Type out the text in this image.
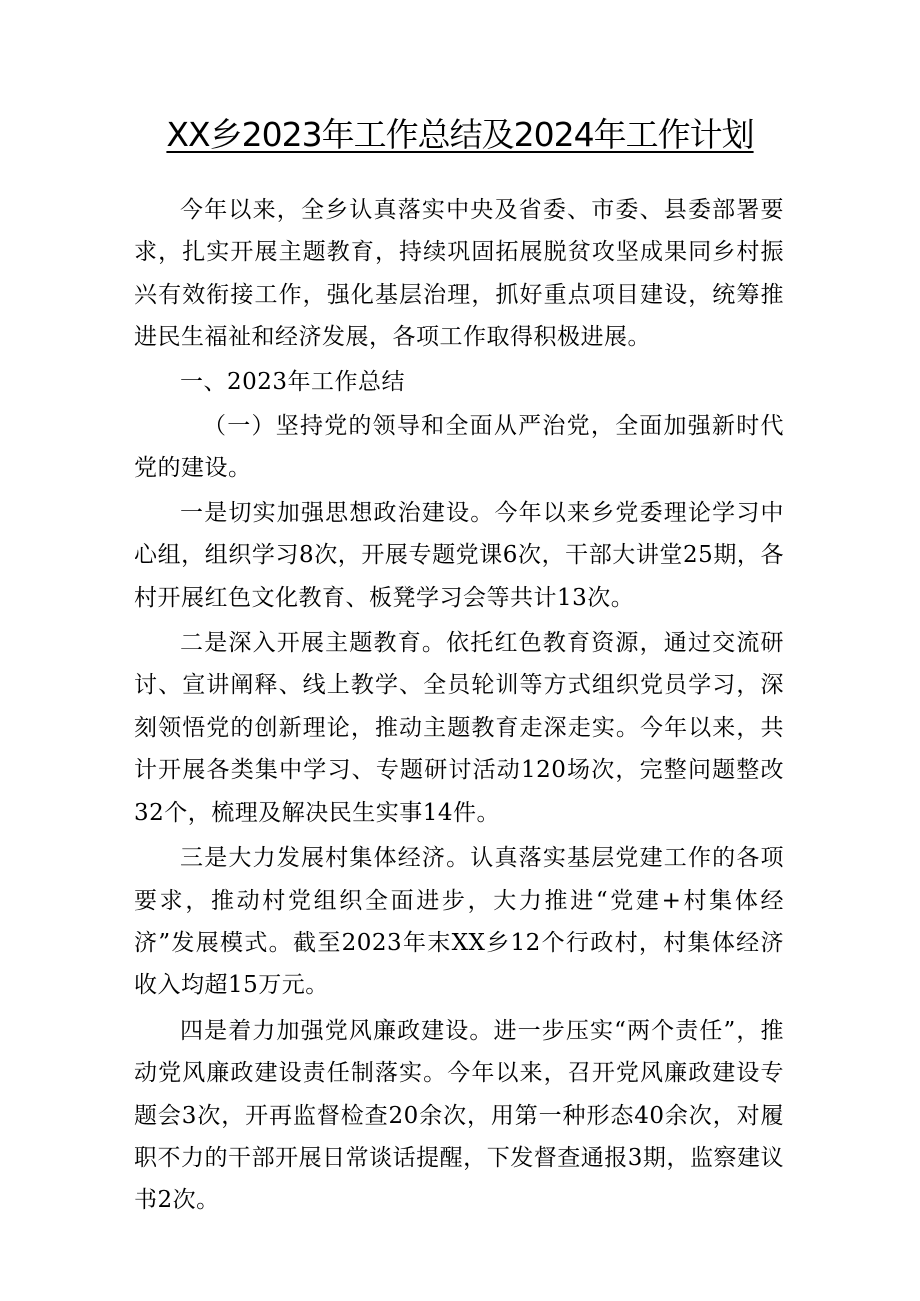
XX乡2023年工作总结及2024年工作计划

今年以来，全乡认真落实中央及省委、市委、县委部署要求，扎实开展主题教育，持续巩固拓展脱贫攻坚成果同乡村振兴有效衔接工作，强化基层治理，抓好重点项目建设，统筹推进民生福祉和经济发展，各项工作取得积极进展。

一、2023年工作总结

（一）坚持党的领导和全面从严治党，全面加强新时代党的建设。

一是切实加强思想政治建设。今年以来乡党委理论学习中心组，组织学习8次，开展专题党课6次，干部大讲堂25期，各村开展红色文化教育、板凳学习会等共计13次。

二是深入开展主题教育。依托红色教育资源，通过交流研讨、宣讲阐释、线上教学、全员轮训等方式组织党员学习，深刻领悟党的创新理论，推动主题教育走深走实。今年以来，共计开展各类集中学习、专题研讨活动120场次，完整问题整改32个，梳理及解决民生实事14件。

三是大力发展村集体经济。认真落实基层党建工作的各项要求，推动村党组织全面进步，大力推进“党建+村集体经济”发展模式。截至2023年末XX乡12个行政村，村集体经济收入均超15万元。

四是着力加强党风廉政建设。进一步压实“两个责任”，推动党风廉政建设责任制落实。今年以来，召开党风廉政建设专题会3次，开再监督检查20余次，用第一种形态40余次，对履职不力的干部开展日常谈话提醒，下发督查通报3期，监察建议书2次。
